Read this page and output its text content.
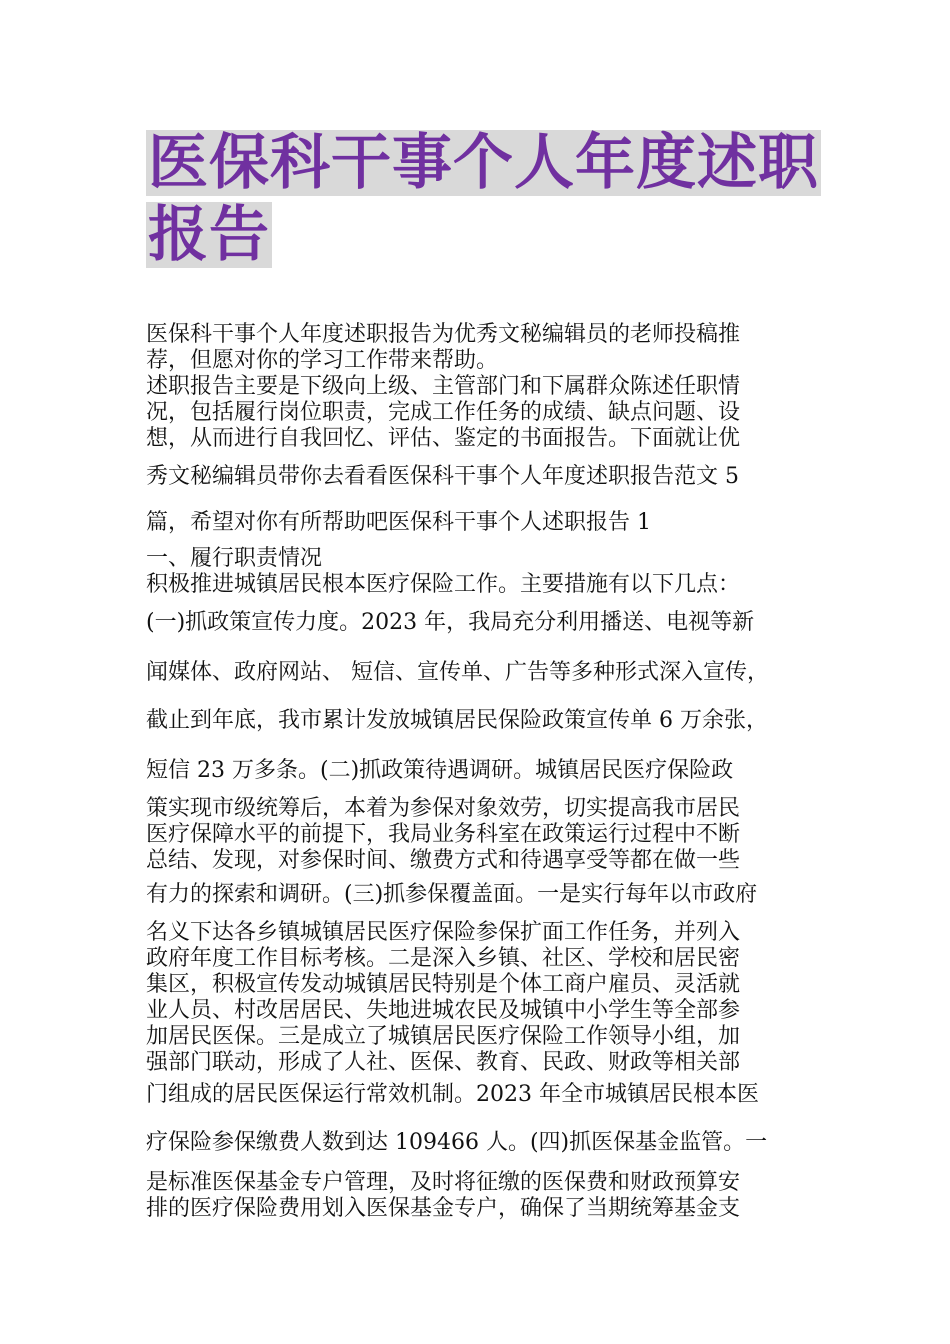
医保科干事个人年度述职
报告

医保科干事个人年度述职报告为优秀文秘编辑员的老师投稿推

荐，但愿对你的学习工作带来帮助。

述职报告主要是下级向上级、主管部门和下属群众陈述任职情

况，包括履行岗位职责，完成工作任务的成绩、缺点问题、设

想，从而进行自我回忆、评估、鉴定的书面报告。下面就让优

秀文秘编辑员带你去看看医保科干事个人年度述职报告范文 5

篇，希望对你有所帮助吧医保科干事个人述职报告 1

一、履行职责情况

积极推进城镇居民根本医疗保险工作。主要措施有以下几点：

(一)抓政策宣传力度。2023 年，我局充分利用播送、电视等新

闻媒体、政府网站、 短信、宣传单、广告等多种形式深入宣传，

截止到年底，我市累计发放城镇居民保险政策宣传单 6 万余张，

短信 23 万多条。(二)抓政策待遇调研。城镇居民医疗保险政

策实现市级统筹后，本着为参保对象效劳，切实提高我市居民

医疗保障水平的前提下，我局业务科室在政策运行过程中不断

总结、发现，对参保时间、缴费方式和待遇享受等都在做一些

有力的探索和调研。(三)抓参保覆盖面。一是实行每年以市政府

名义下达各乡镇城镇居民医疗保险参保扩面工作任务，并列入

政府年度工作目标考核。二是深入乡镇、社区、学校和居民密

集区，积极宣传发动城镇居民特别是个体工商户雇员、灵活就

业人员、村改居居民、失地进城农民及城镇中小学生等全部参

加居民医保。三是成立了城镇居民医疗保险工作领导小组，加

强部门联动，形成了人社、医保、教育、民政、财政等相关部

门组成的居民医保运行常效机制。2023 年全市城镇居民根本医

疗保险参保缴费人数到达 109466 人。(四)抓医保基金监管。一

是标准医保基金专户管理，及时将征缴的医保费和财政预算安

排的医疗保险费用划入医保基金专户，确保了当期统筹基金支
